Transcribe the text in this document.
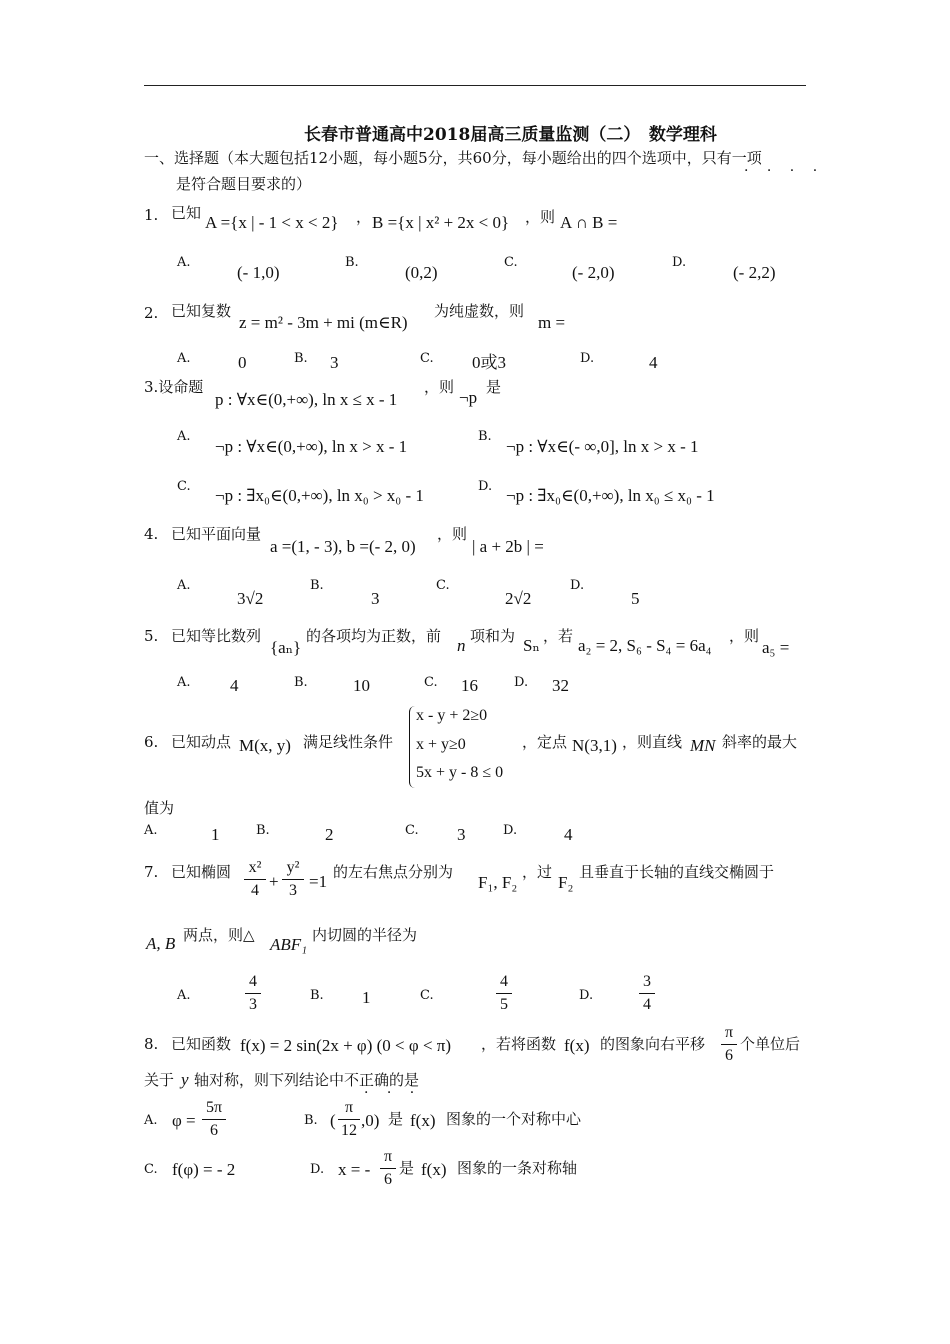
长春市普通高中2018届高三质量监测（二）　数学理科
一、选择题（本大题包括12小题，每小题5分，共60分，每小题给出的四个选项中，只有一项
· · · ·
是符合题目要求的）
1. 已知 A ={x | - 1 < x < 2} ， B ={x | x² + 2x < 0} ，则 A ∩ B =
A.
(- 1,0)
B.
(0,2)
C.
(- 2,0)
D.
(- 2,2)
2. 已知复数
z = m² - 3m + mi (m∈R)
为纯虚数，则
m =
A.	0	B. 3	C. 0或3	D.	4
3.设命题
p : ∀x∈(0,+∞), ln x ≤ x - 1
，则
¬p
是
A.
¬p : ∀x∈(0,+∞), ln x > x - 1
B.
¬p : ∀x∈(- ∞,0], ln x > x - 1
C. ¬p : ∃x₀∈(0,+∞), ln x₀ > x₀ - 1	D. ¬p : ∃x₀∈(0,+∞), ln x₀ ≤ x₀ - 1
4. 已知平面向量
a =(1, - 3), b =(- 2, 0)
，则
| a + 2b | =
A.
3√2
B.
3
C.
2√2
D.
5
5. 已知等比数列
{aₙ}
的各项均为正数，前 n 项和为 Sₙ ，若 a₂ = 2, S₆ - S₄ = 6a₄ ，则
a₅ =
A. 4	B.	10	C. 16	D. 32
6. 已知动点 M(x, y) 满足线性条件
x - y + 2≥0
x + y≥0
5x + y - 8 ≤ 0
，定点 N(3,1) ，则直线 MN 斜率的最大
值为
A.	1	B.	2	C. 3	D.	4
7. 已知椭圆 x²
4 +
y²
3 =1 的左右焦点分别为
F₁, F₂
，过
F₂
且垂直于长轴的直线交椭圆于
A, B 两点，则△ ABF₁ 内切圆的半径为
A.
4
3
B. 1	C.
4
5
D.
3
4
8. 已知函数 f(x) = 2 sin(2x + φ) (0 < φ < π) ，若将函数 f(x) 的图象向右平移
π
6
个单位后
关于 y 轴对称，则下列结论中不正确的是
· · ·
A. φ =
5π
6
B. (
π
12
,0) 是 f(x) 图象的一个对称中心
C. f(φ) = - 2	D. x = -
π
6
是 f(x) 图象的一条对称轴
